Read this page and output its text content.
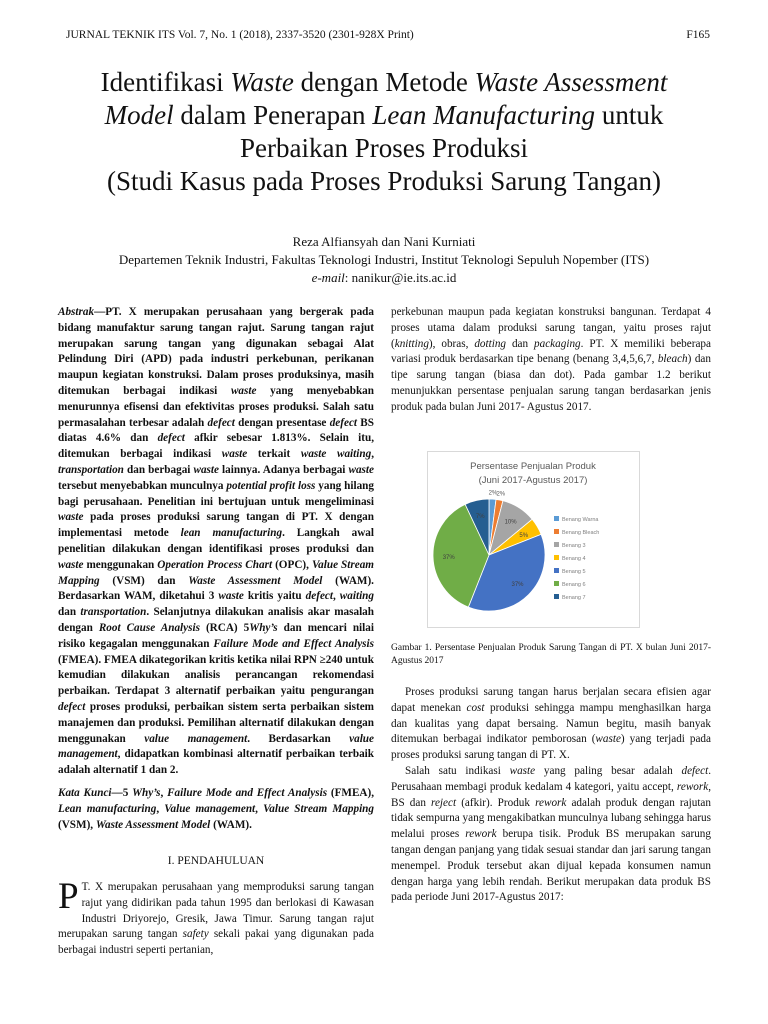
JURNAL TEKNIK ITS Vol. 7, No. 1 (2018), 2337-3520 (2301-928X Print)	F165
Identifikasi Waste dengan Metode Waste Assessment
Model dalam Penerapan Lean Manufacturing untuk
Perbaikan Proses Produksi
(Studi Kasus pada Proses Produksi Sarung Tangan)
Reza Alfiansyah dan Nani Kurniati
Departemen Teknik Industri, Fakultas Teknologi Industri, Institut Teknologi Sepuluh Nopember (ITS)
e-mail: nanikur@ie.its.ac.id
Abstrak—PT. X merupakan perusahaan yang bergerak pada bidang manufaktur sarung tangan rajut. Sarung tangan rajut merupakan sarung tangan yang digunakan sebagai Alat Pelindung Diri (APD) pada industri perkebunan, perikanan maupun kegiatan konstruksi. Dalam proses produksinya, masih ditemukan berbagai indikasi waste yang menyebabkan menurunnya efisensi dan efektivitas proses produksi. Salah satu permasalahan terbesar adalah defect dengan presentase defect BS diatas 4.6% dan defect afkir sebesar 1.813%. Selain itu, ditemukan berbagai indikasi waste terkait waste waiting, transportation dan berbagai waste lainnya. Adanya berbagai waste tersebut menyebabkan munculnya potential profit loss yang hilang bagi perusahaan. Penelitian ini bertujuan untuk mengeliminasi waste pada proses produksi sarung tangan di PT. X dengan implementasi metode lean manufacturing. Langkah awal penelitian dilakukan dengan identifikasi proses produksi dan waste menggunakan Operation Process Chart (OPC), Value Stream Mapping (VSM) dan Waste Assessment Model (WAM). Berdasarkan WAM, diketahui 3 waste kritis yaitu defect, waiting dan transportation. Selanjutnya dilakukan analisis akar masalah dengan Root Cause Analysis (RCA) 5Why’s dan mencari nilai risiko kegagalan menggunakan Failure Mode and Effect Analysis (FMEA). FMEA dikategorikan kritis ketika nilai RPN ≥240 untuk kemudian dilakukan analisis perancangan rekomendasi perbaikan. Terdapat 3 alternatif perbaikan yaitu pengurangan defect proses produksi, perbaikan sistem serta perbaikan sistem manajemen dan produksi. Pemilihan alternatif dilakukan dengan menggunakan value management. Berdasarkan value management, didapatkan kombinasi alternatif perbaikan terbaik adalah alternatif 1 dan 2.
Kata Kunci—5 Why’s, Failure Mode and Effect Analysis (FMEA), Lean manufacturing, Value management, Value Stream Mapping (VSM), Waste Assessment Model (WAM).
I. PENDAHULUAN
P T. X merupakan perusahaan yang memproduksi sarung tangan rajut yang didirikan pada tahun 1995 dan berlokasi di Kawasan Industri Driyorejo, Gresik, Jawa Timur. Sarung tangan rajut merupakan sarung tangan safety sekali pakai yang digunakan pada berbagai industri seperti pertanian,
perkebunan maupun pada kegiatan konstruksi bangunan. Terdapat 4 proses utama dalam produksi sarung tangan, yaitu proses rajut (knitting), obras, dotting dan packaging. PT. X memiliki beberapa variasi produk berdasarkan tipe benang (benang 3,4,5,6,7, bleach) dan tipe sarung tangan (biasa dan dot). Pada gambar 1.2 berikut menunjukkan persentase penjualan sarung tangan berdasarkan jenis produk pada bulan Juni 2017- Agustus 2017.
Persentase Penjualan Produk
(Juni 2017-Agustus 2017)
2% 2%
10%
5%
37%
37%
7%	Benang Warna
Benang Bleach
Benang 3
Benang 4
Benang 5
Benang 6
Benang 7
Gambar 1. Persentase Penjualan Produk Sarung Tangan di PT. X bulan Juni 2017-Agustus 2017

Proses produksi sarung tangan harus berjalan secara efisien agar dapat menekan cost produksi sehingga mampu menghasilkan harga dan kualitas yang dapat bersaing. Namun begitu, masih banyak ditemukan berbagai indikator pemborosan (waste) yang terjadi pada proses produksi sarung tangan di PT. X.

Salah satu indikasi waste yang paling besar adalah defect. Perusahaan membagi produk kedalam 4 kategori, yaitu accept, rework, BS dan reject (afkir). Produk rework adalah produk dengan rajutan tidak sempurna yang mengakibatkan munculnya lubang sehingga harus melalui proses rework berupa tisik. Produk BS merupakan sarung tangan dengan panjang yang tidak sesuai standar dan jari sarung tangan menempel. Produk tersebut akan dijual kepada konsumen namun dengan harga yang lebih rendah. Berikut merupakan data produk BS pada periode Juni 2017-Agustus 2017:
